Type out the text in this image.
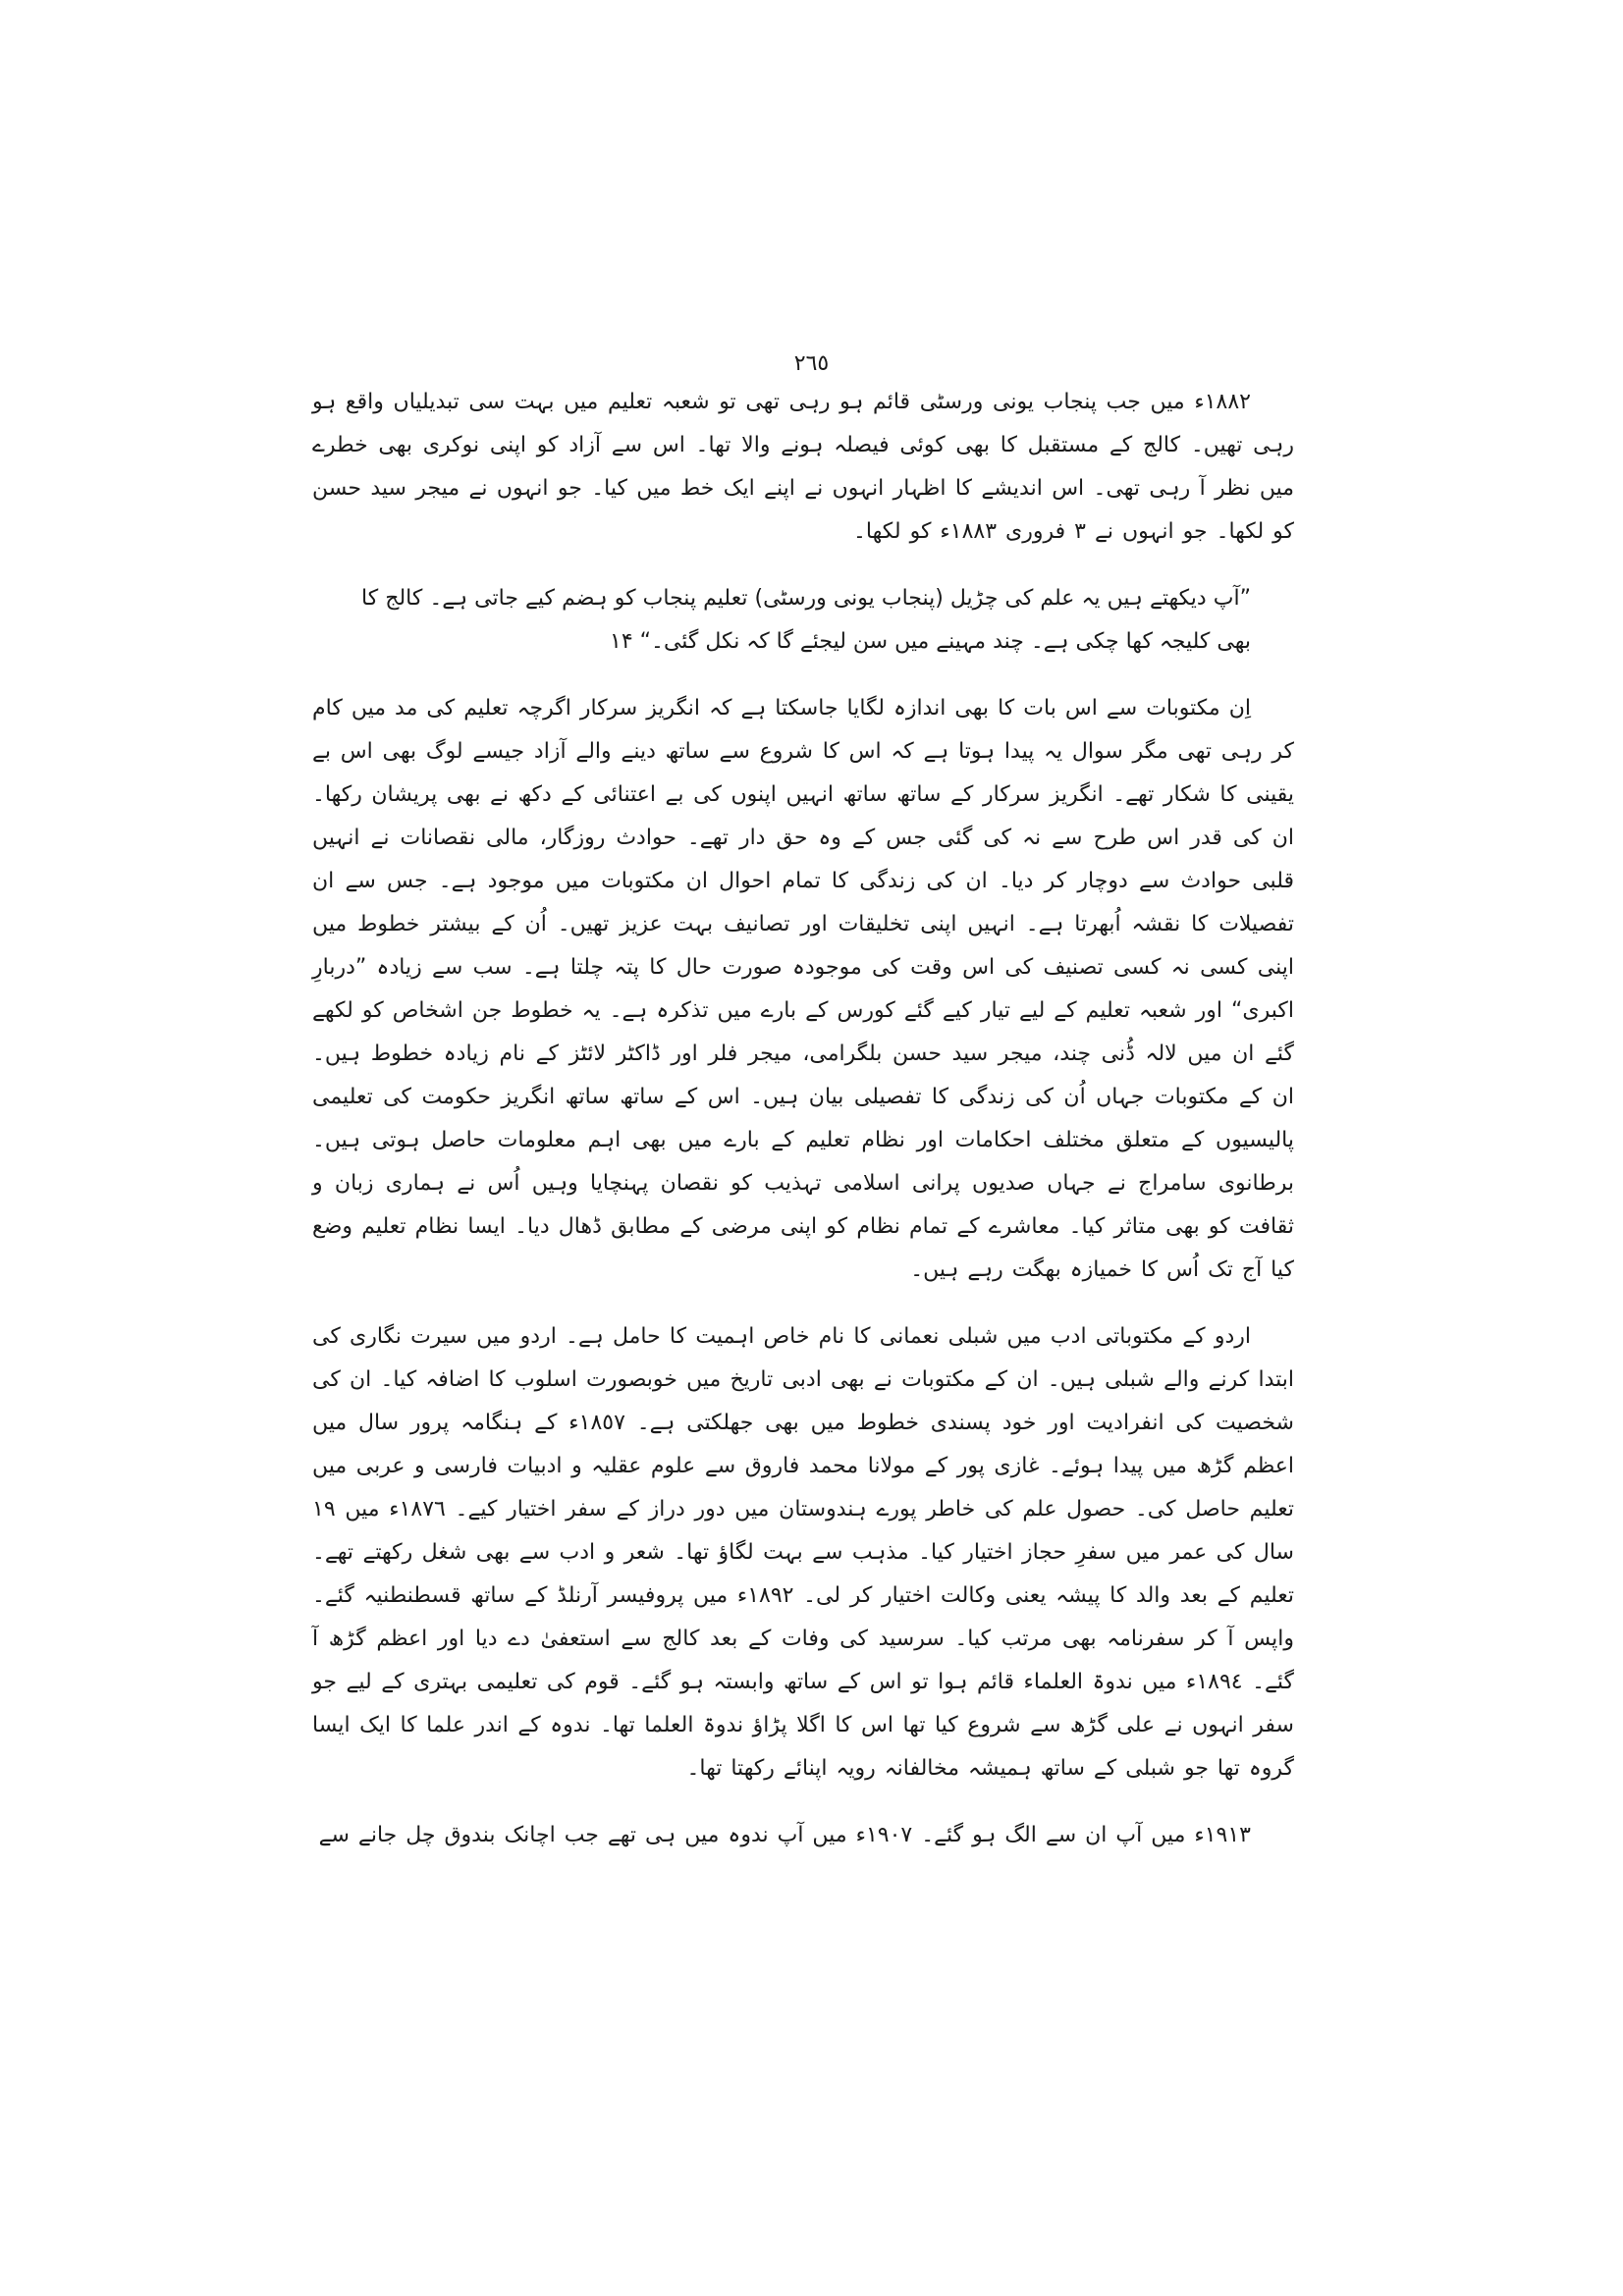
٢٦٥

١٨٨٢ء میں جب پنجاب یونی ورسٹی قائم ہو رہی تھی تو شعبہ تعلیم میں بہت سی تبدیلیاں واقع ہو رہی تھیں۔ کالج کے مستقبل کا بھی کوئی فیصلہ ہونے والا تھا۔ اس سے آزاد کو اپنی نوکری بھی خطرے میں نظر آ رہی تھی۔ اس اندیشے کا اظہار انہوں نے اپنے ایک خط میں کیا۔ جو انہوں نے میجر سید حسن کو لکھا۔ جو انہوں نے ٣ فروری ١٨٨٣ء کو لکھا۔

”آپ دیکھتے ہیں یہ علم کی چڑیل (پنجاب یونی ورسٹی) تعلیم پنجاب کو ہضم کیے جاتی ہے۔ کالج کا بھی کلیجہ کھا چکی ہے۔ چند مہینے میں سن لیجئے گا کہ نکل گئی۔“ ۱۴

اِن مکتوبات سے اس بات کا بھی اندازہ لگایا جاسکتا ہے کہ انگریز سرکار اگرچہ تعلیم کی مد میں کام کر رہی تھی مگر سوال یہ پیدا ہوتا ہے کہ اس کا شروع سے ساتھ دینے والے آزاد جیسے لوگ بھی اس بے یقینی کا شکار تھے۔ انگریز سرکار کے ساتھ ساتھ انہیں اپنوں کی بے اعتنائی کے دکھ نے بھی پریشان رکھا۔ ان کی قدر اس طرح سے نہ کی گئی جس کے وہ حق دار تھے۔ حوادث روزگار، مالی نقصانات نے انہیں قلبی حوادث سے دوچار کر دیا۔ ان کی زندگی کا تمام احوال ان مکتوبات میں موجود ہے۔ جس سے ان تفصیلات کا نقشہ اُبھرتا ہے۔ انہیں اپنی تخلیقات اور تصانیف بہت عزیز تھیں۔ اُن کے بیشتر خطوط میں اپنی کسی نہ کسی تصنیف کی اس وقت کی موجودہ صورت حال کا پتہ چلتا ہے۔ سب سے زیادہ ”دربارِ اکبری“ اور شعبہ تعلیم کے لیے تیار کیے گئے کورس کے بارے میں تذکرہ ہے۔ یہ خطوط جن اشخاص کو لکھے گئے ان میں لالہ ڈُنی چند، میجر سید حسن بلگرامی، میجر فلر اور ڈاکٹر لائٹز کے نام زیادہ خطوط ہیں۔ ان کے مکتوبات جہاں اُن کی زندگی کا تفصیلی بیان ہیں۔ اس کے ساتھ ساتھ انگریز حکومت کی تعلیمی پالیسیوں کے متعلق مختلف احکامات اور نظام تعلیم کے بارے میں بھی اہم معلومات حاصل ہوتی ہیں۔ برطانوی سامراج نے جہاں صدیوں پرانی اسلامی تہذیب کو نقصان پہنچایا وہیں اُس نے ہماری زبان و ثقافت کو بھی متاثر کیا۔ معاشرے کے تمام نظام کو اپنی مرضی کے مطابق ڈھال دیا۔ ایسا نظام تعلیم وضع کیا آج تک اُس کا خمیازہ بھگت رہے ہیں۔

اردو کے مکتوباتی ادب میں شبلی نعمانی کا نام خاص اہمیت کا حامل ہے۔ اردو میں سیرت نگاری کی ابتدا کرنے والے شبلی ہیں۔ ان کے مکتوبات نے بھی ادبی تاریخ میں خوبصورت اسلوب کا اضافہ کیا۔ ان کی شخصیت کی انفرادیت اور خود پسندی خطوط میں بھی جھلکتی ہے۔ ١٨٥٧ء کے ہنگامہ پرور سال میں اعظم گڑھ میں پیدا ہوئے۔ غازی پور کے مولانا محمد فاروق سے علوم عقلیہ و ادبیات فارسی و عربی میں تعلیم حاصل کی۔ حصول علم کی خاطر پورے ہندوستان میں دور دراز کے سفر اختیار کیے۔ ١٨٧٦ء میں ١٩ سال کی عمر میں سفرِ حجاز اختیار کیا۔ مذہب سے بہت لگاؤ تھا۔ شعر و ادب سے بھی شغل رکھتے تھے۔ تعلیم کے بعد والد کا پیشہ یعنی وکالت اختیار کر لی۔ ١٨٩٢ء میں پروفیسر آرنلڈ کے ساتھ قسطنطنیہ گئے۔ واپس آ کر سفرنامہ بھی مرتب کیا۔ سرسید کی وفات کے بعد کالج سے استعفیٰ دے دیا اور اعظم گڑھ آ گئے۔ ١٨٩٤ء میں ندوۃ العلماء قائم ہوا تو اس کے ساتھ وابستہ ہو گئے۔ قوم کی تعلیمی بہتری کے لیے جو سفر انہوں نے علی گڑھ سے شروع کیا تھا اس کا اگلا پڑاؤ ندوۃ العلما تھا۔ ندوہ کے اندر علما کا ایک ایسا گروہ تھا جو شبلی کے ساتھ ہمیشہ مخالفانہ رویہ اپنائے رکھتا تھا۔

١٩١٣ء میں آپ ان سے الگ ہو گئے۔ ١٩٠٧ء میں آپ ندوہ میں ہی تھے جب اچانک بندوق چل جانے سے
